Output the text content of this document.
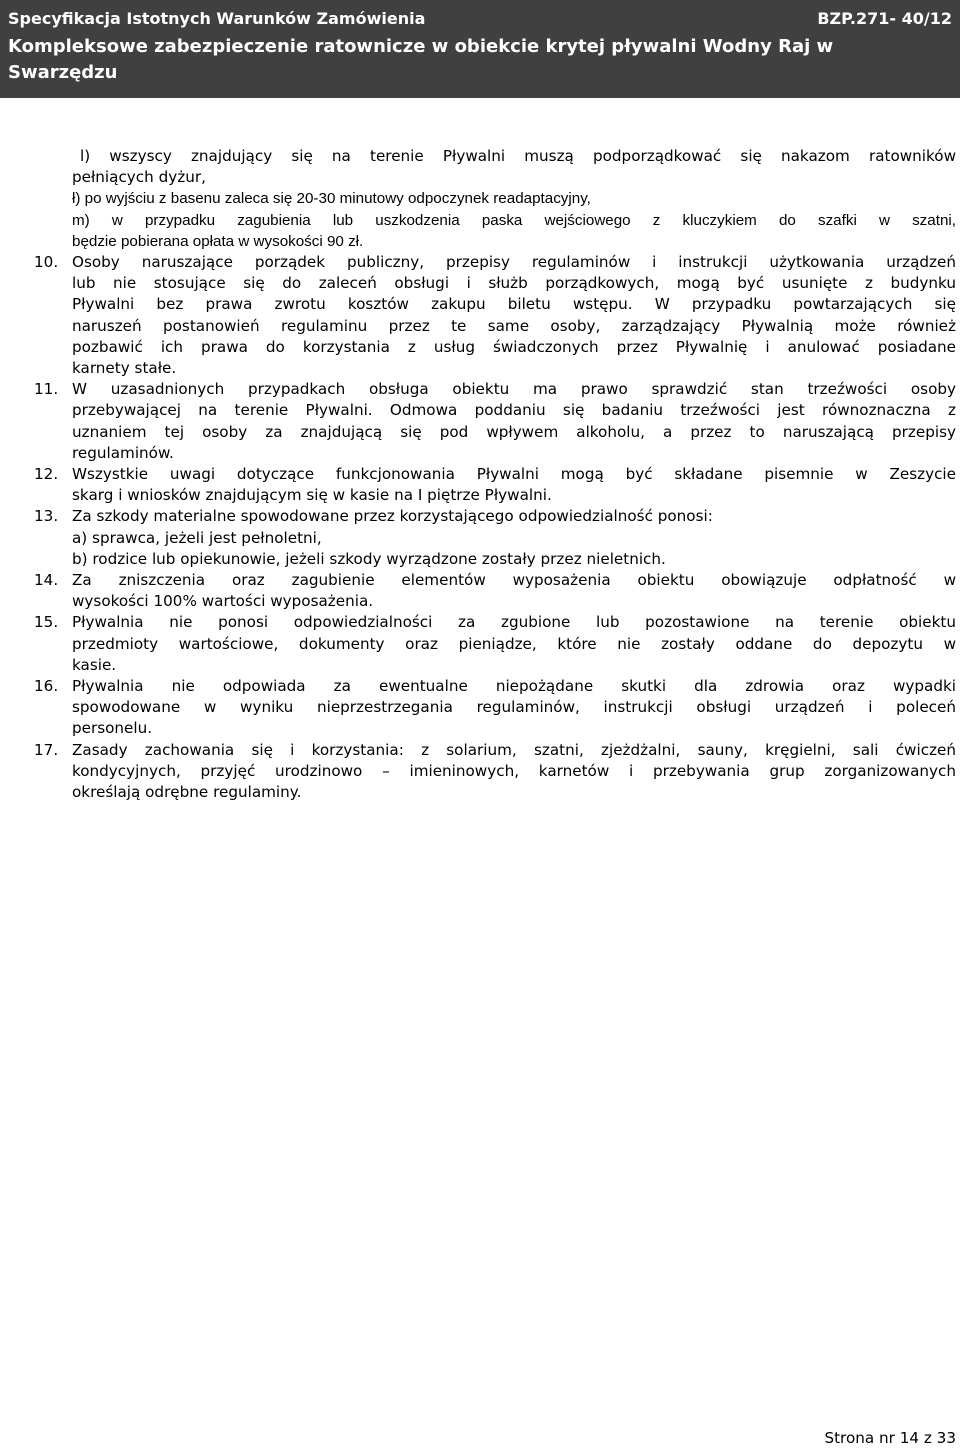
Specyfikacja Istotnych Warunków Zamówienia	BZP.271- 40/12
Kompleksowe zabezpieczenie ratownicze w obiekcie krytej pływalni Wodny Raj w
Swarzędzu
l) wszyscy znajdujący się na terenie Pływalni muszą podporządkować się nakazom ratowników
pełniących dyżur,
ł) po wyjściu z basenu zaleca się 20-30 minutowy odpoczynek readaptacyjny,
m) w przypadku zagubienia lub uszkodzenia paska wejściowego z kluczykiem do szafki w szatni,
będzie pobierana opłata w wysokości 90 zł.
10. Osoby naruszające porządek publiczny, przepisy regulaminów i instrukcji użytkowania urządzeń
lub nie stosujące się do zaleceń obsługi i służb porządkowych, mogą być usunięte z budynku
Pływalni bez prawa zwrotu kosztów zakupu biletu wstępu. W przypadku powtarzających się
naruszeń postanowień regulaminu przez te same osoby, zarządzający Pływalnią może również
pozbawić ich prawa do korzystania z usług świadczonych przez Pływalnię i anulować posiadane
karnety stałe.
11. W uzasadnionych przypadkach obsługa obiektu ma prawo sprawdzić stan trzeźwości osoby
przebywającej na terenie Pływalni. Odmowa poddaniu się badaniu trzeźwości jest równoznaczna z
uznaniem tej osoby za znajdującą się pod wpływem alkoholu, a przez to naruszającą przepisy
regulaminów.
12. Wszystkie uwagi dotyczące funkcjonowania Pływalni mogą być składane pisemnie w Zeszycie
skarg i wniosków znajdującym się w kasie na I piętrze Pływalni.
13. Za szkody materialne spowodowane przez korzystającego odpowiedzialność ponosi:
a) sprawca, jeżeli jest pełnoletni,
b) rodzice lub opiekunowie, jeżeli szkody wyrządzone zostały przez nieletnich.
14. Za zniszczenia oraz zagubienie elementów wyposażenia obiektu obowiązuje odpłatność w
wysokości 100% wartości wyposażenia.
15. Pływalnia nie ponosi odpowiedzialności za zgubione lub pozostawione na terenie obiektu
przedmioty wartościowe, dokumenty oraz pieniądze, które nie zostały oddane do depozytu w
kasie.
16. Pływalnia nie odpowiada za ewentualne niepożądane skutki dla zdrowia oraz wypadki
spowodowane w wyniku nieprzestrzegania regulaminów, instrukcji obsługi urządzeń i poleceń
personelu.
17. Zasady zachowania się i korzystania: z solarium, szatni, zjeżdżalni, sauny, kręgielni, sali ćwiczeń
kondycyjnych, przyjęć urodzinowo – imieninowych, karnetów i przebywania grup zorganizowanych
określają odrębne regulaminy.
Strona nr 14 z 33
